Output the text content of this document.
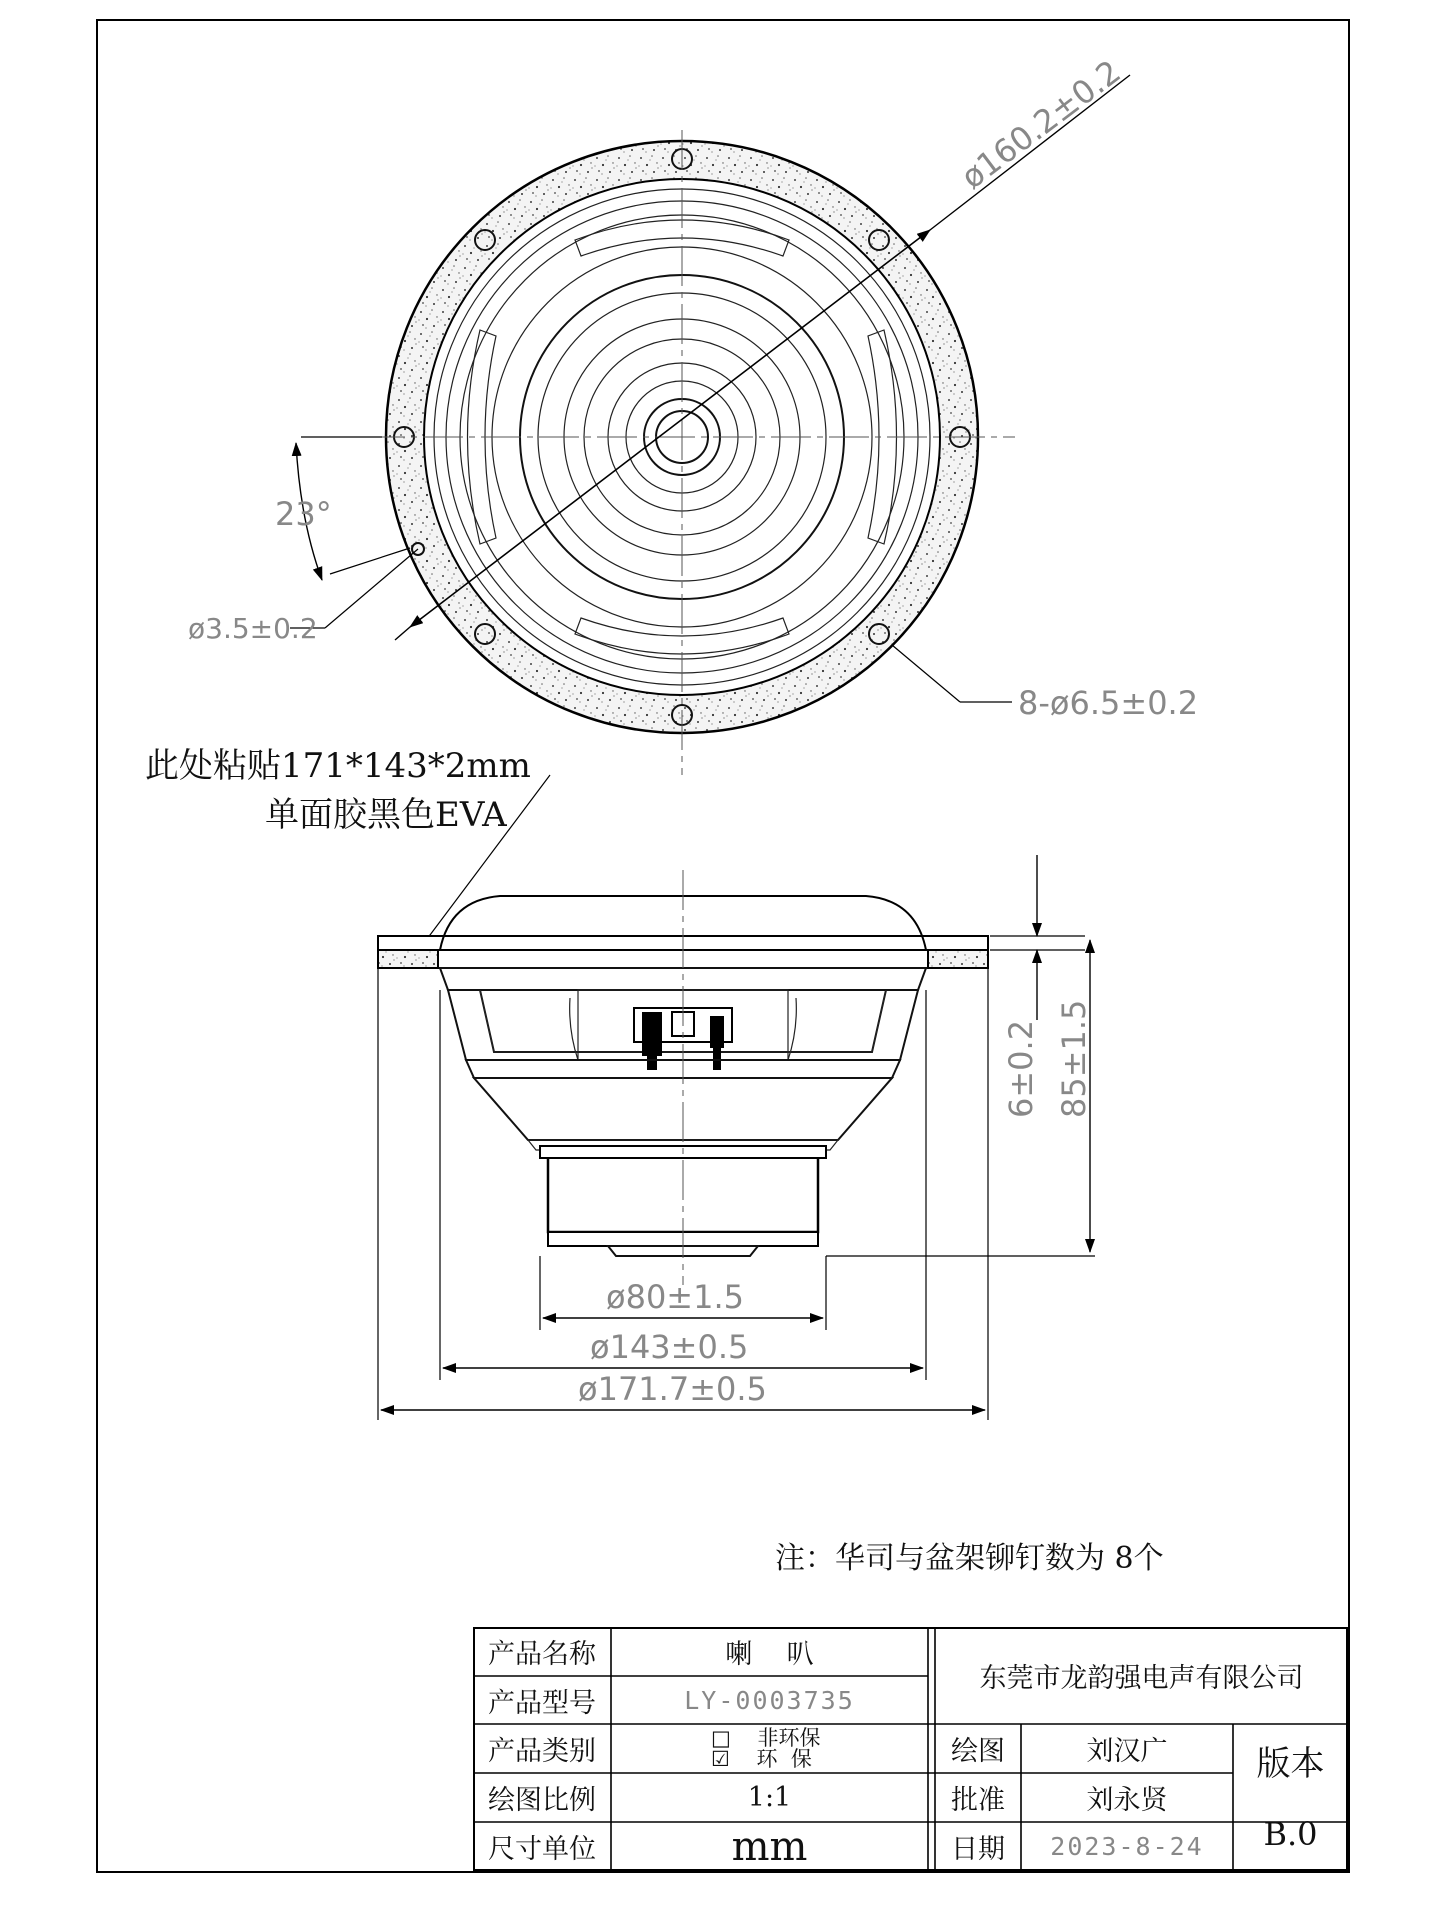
ø160.2±0.2
23°
ø3.5±0.2
8-ø6.5±0.2
此处粘贴171*143*2mm
单面胶黑色EVA
6±0.2 85±1.5
ø80±1.5
ø143±0.5
ø171.7±0.5
注：华司与盆架铆钉数为 8个
产品名称	喇    叭
产品型号	LY-0003735
产品类别	□ 非环保
☑ 环  保
绘图比例	1:1
尺寸单位	mm
东莞市龙韵强电声有限公司
绘图	刘汉广
批准	刘永贤
日期	2023-8-24
版本
B.0
